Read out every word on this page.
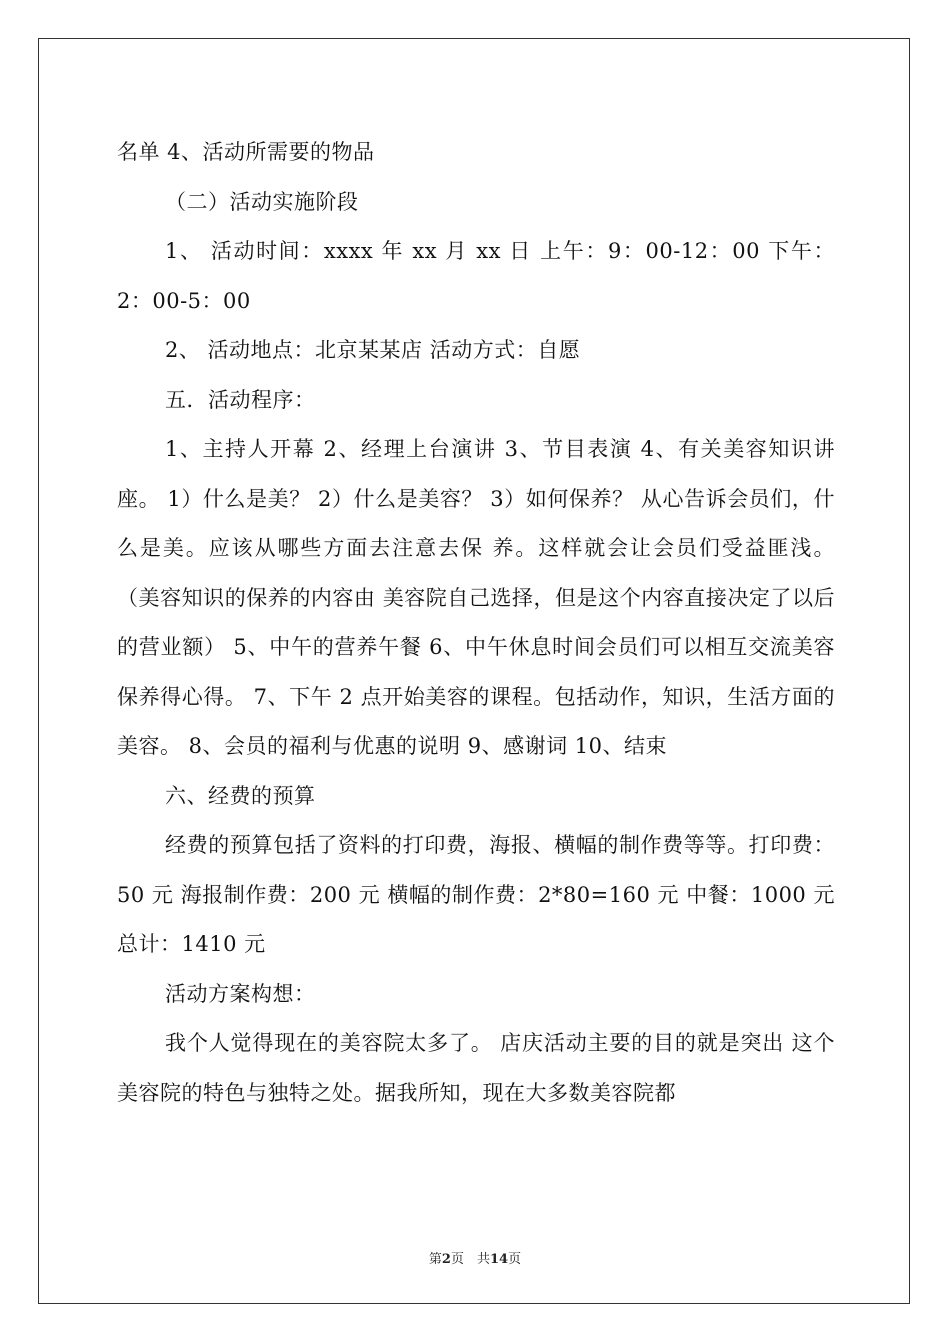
名单 4、活动所需要的物品

（二）活动实施阶段

1、 活动时间：xxxx 年 xx 月 xx 日 上午：9：00-12：00 下午：2：00-5：00

2、 活动地点：北京某某店 活动方式：自愿

五．活动程序：

1、主持人开幕 2、经理上台演讲 3、节目表演 4、有关美容知识讲座。 1）什么是美？ 2）什么是美容？ 3）如何保养？ 从心告诉会员们，什么是美。应该从哪些方面去注意去保 养。这样就会让会员们受益匪浅。 （美容知识的保养的内容由 美容院自己选择，但是这个内容直接决定了以后的营业额） 5、中午的营养午餐 6、中午休息时间会员们可以相互交流美容保养得心得。 7、下午 2 点开始美容的课程。包括动作，知识，生活方面的 美容。 8、会员的福利与优惠的说明 9、感谢词 10、结束

六、经费的预算

经费的预算包括了资料的打印费，海报、横幅的制作费等等。打印费：50 元 海报制作费：200 元 横幅的制作费：2*80=160 元 中餐：1000 元 总计：1410 元

活动方案构想：

我个人觉得现在的美容院太多了。 店庆活动主要的目的就是突出 这个美容院的特色与独特之处。据我所知，现在大多数美容院都

第2页　共14页
